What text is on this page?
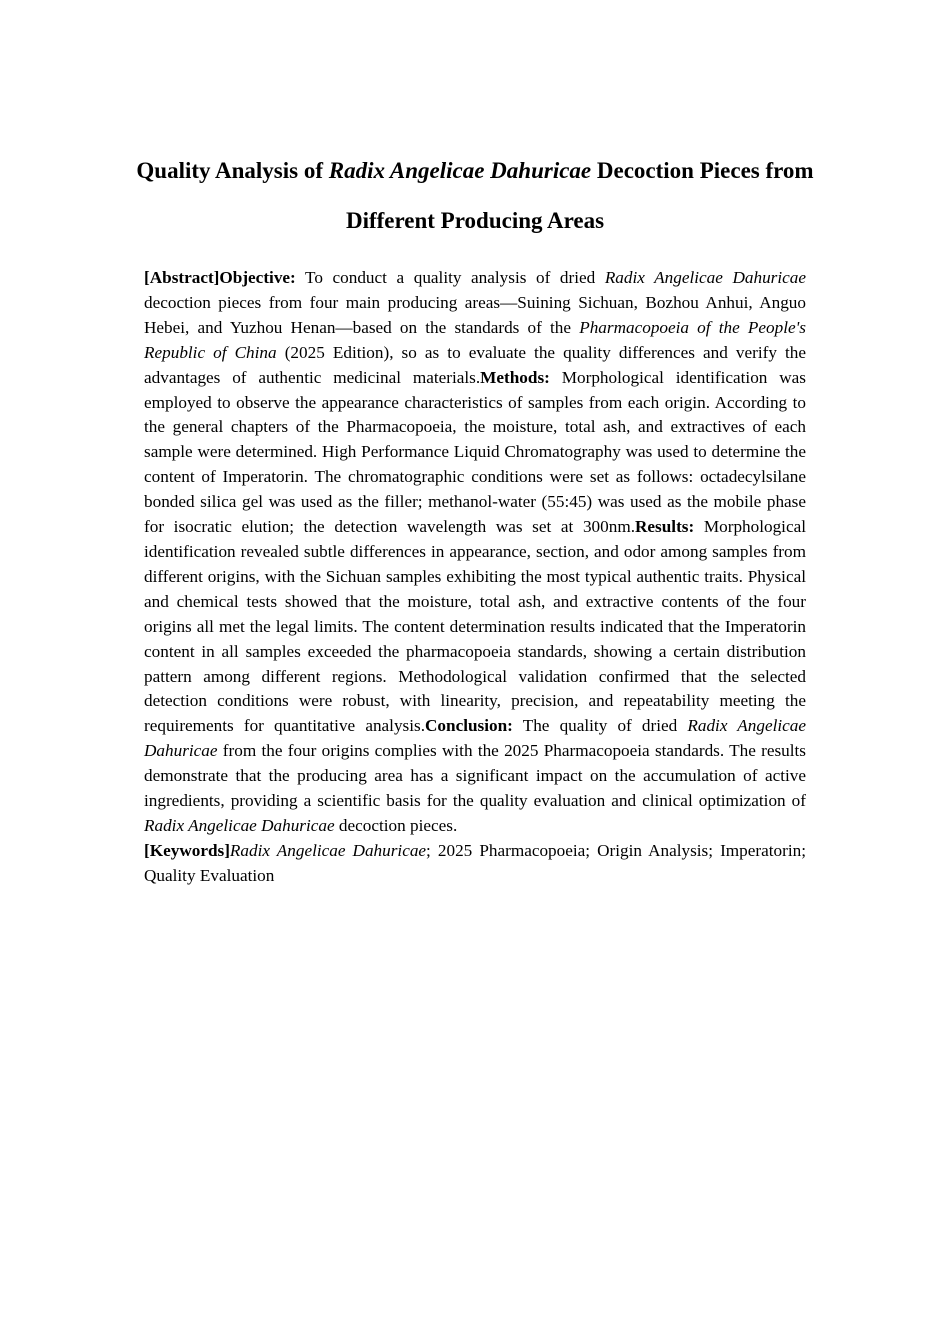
Quality Analysis of Radix Angelicae Dahuricae Decoction Pieces from Different Producing Areas

[Abstract]Objective: To conduct a quality analysis of dried Radix Angelicae Dahuricae decoction pieces from four main producing areas—Suining Sichuan, Bozhou Anhui, Anguo Hebei, and Yuzhou Henan—based on the standards of the Pharmacopoeia of the People's Republic of China (2025 Edition), so as to evaluate the quality differences and verify the advantages of authentic medicinal materials.Methods: Morphological identification was employed to observe the appearance characteristics of samples from each origin. According to the general chapters of the Pharmacopoeia, the moisture, total ash, and extractives of each sample were determined. High Performance Liquid Chromatography was used to determine the content of Imperatorin. The chromatographic conditions were set as follows: octadecylsilane bonded silica gel was used as the filler; methanol-water (55:45) was used as the mobile phase for isocratic elution; the detection wavelength was set at 300nm.Results: Morphological identification revealed subtle differences in appearance, section, and odor among samples from different origins, with the Sichuan samples exhibiting the most typical authentic traits. Physical and chemical tests showed that the moisture, total ash, and extractive contents of the four origins all met the legal limits. The content determination results indicated that the Imperatorin content in all samples exceeded the pharmacopoeia standards, showing a certain distribution pattern among different regions. Methodological validation confirmed that the selected detection conditions were robust, with linearity, precision, and repeatability meeting the requirements for quantitative analysis.Conclusion: The quality of dried Radix Angelicae Dahuricae from the four origins complies with the 2025 Pharmacopoeia standards. The results demonstrate that the producing area has a significant impact on the accumulation of active ingredients, providing a scientific basis for the quality evaluation and clinical optimization of Radix Angelicae Dahuricae decoction pieces.

[Keywords]Radix Angelicae Dahuricae; 2025 Pharmacopoeia; Origin Analysis; Imperatorin; Quality Evaluation
